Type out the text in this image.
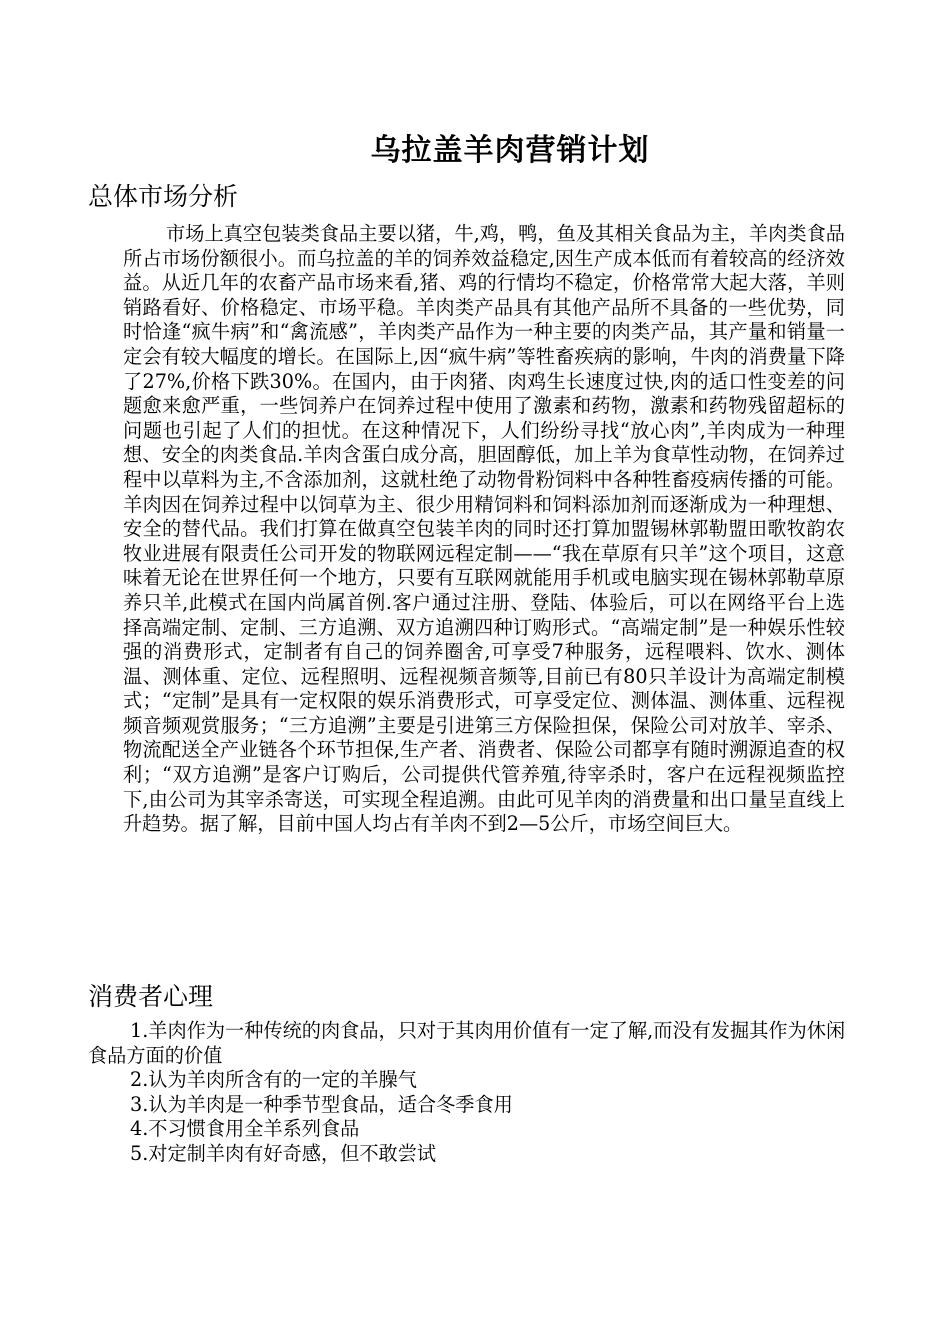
乌拉盖羊肉营销计划
总体市场分析

市场上真空包装类食品主要以猪，牛,鸡，鸭，鱼及其相关食品为主，羊肉类食品所占市场份额很小。而乌拉盖的羊的饲养效益稳定,因生产成本低而有着较高的经济效益。从近几年的农畜产品市场来看,猪、鸡的行情均不稳定，价格常常大起大落，羊则销路看好、价格稳定、市场平稳。羊肉类产品具有其他产品所不具备的一些优势，同时恰逢“疯牛病”和“禽流感”，羊肉类产品作为一种主要的肉类产品，其产量和销量一定会有较大幅度的增长。在国际上,因“疯牛病”等牲畜疾病的影响，牛肉的消费量下降了27%,价格下跌30%。在国内，由于肉猪、肉鸡生长速度过快,肉的适口性变差的问题愈来愈严重，一些饲养户在饲养过程中使用了激素和药物，激素和药物残留超标的问题也引起了人们的担忧。在这种情况下，人们纷纷寻找“放心肉”,羊肉成为一种理想、安全的肉类食品.羊肉含蛋白成分高，胆固醇低，加上羊为食草性动物，在饲养过程中以草料为主,不含添加剂，这就杜绝了动物骨粉饲料中各种牲畜疫病传播的可能。羊肉因在饲养过程中以饲草为主、很少用精饲料和饲料添加剂而逐渐成为一种理想、安全的替代品。我们打算在做真空包装羊肉的同时还打算加盟锡林郭勒盟田歌牧韵农牧业进展有限责任公司开发的物联网远程定制——“我在草原有只羊”这个项目，这意味着无论在世界任何一个地方，只要有互联网就能用手机或电脑实现在锡林郭勒草原养只羊,此模式在国内尚属首例.客户通过注册、登陆、体验后，可以在网络平台上选择高端定制、定制、三方追溯、双方追溯四种订购形式。“高端定制”是一种娱乐性较强的消费形式，定制者有自己的饲养圈舍,可享受7种服务，远程喂料、饮水、测体温、测体重、定位、远程照明、远程视频音频等,目前已有80只羊设计为高端定制模式；“定制”是具有一定权限的娱乐消费形式，可享受定位、测体温、测体重、远程视频音频观赏服务；“三方追溯”主要是引进第三方保险担保，保险公司对放羊、宰杀、物流配送全产业链各个环节担保,生产者、消费者、保险公司都享有随时溯源追查的权利；“双方追溯”是客户订购后，公司提供代管养殖,待宰杀时，客户在远程视频监控下,由公司为其宰杀寄送，可实现全程追溯。由此可见羊肉的消费量和出口量呈直线上升趋势。据了解，目前中国人均占有羊肉不到2—5公斤，市场空间巨大。

消费者心理
1.羊肉作为一种传统的肉食品，只对于其肉用价值有一定了解,而没有发掘其作为休闲食品方面的价值
2.认为羊肉所含有的一定的羊臊气
3.认为羊肉是一种季节型食品，适合冬季食用
4.不习惯食用全羊系列食品
5.对定制羊肉有好奇感，但不敢尝试
